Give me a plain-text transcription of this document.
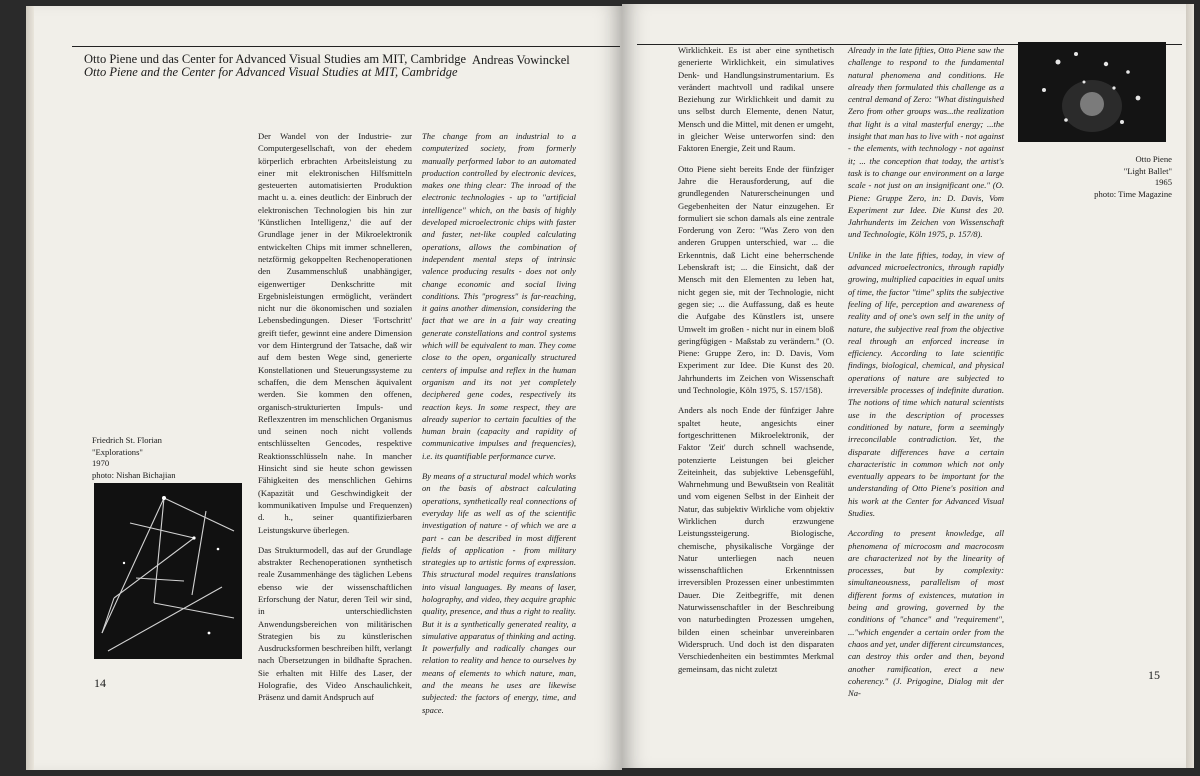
Otto Piene und das Center for Advanced Visual Studies am MIT, Cambridge
Otto Piene and the Center for Advanced Visual Studies at MIT, Cambridge
Andreas Vowinckel
Friedrich St. Florian
"Explorations"
1970
photo: Nishan Bichajian

Der Wandel von der Industrie- zur Computergesellschaft, von der ehedem körperlich erbrachten Arbeitsleistung zu einer mit elektronischen Hilfsmitteln gesteuerten automatisierten Produktion macht u. a. eines deutlich: der Einbruch der elektronischen Technologien bis hin zur 'Künstlichen Intelligenz,' die auf der Grundlage jener in der Mikroelektronik entwickelten Chips mit immer schnelleren, netzförmig gekoppelten Rechenoperationen den Zusammenschluß unabhängiger, eigenwertiger Denkschritte mit Ergebnisleistungen ermöglicht, verändert nicht nur die ökonomischen und sozialen Lebensbedingungen. Dieser 'Fortschritt' greift tiefer, gewinnt eine andere Dimension vor dem Hintergrund der Tatsache, daß wir auf dem besten Wege sind, generierte Konstellationen und Steuerungssysteme zu schaffen, die dem Menschen äquivalent werden. Sie kommen den offenen, organisch-strukturierten Impuls- und Reflexzentren im menschlichen Organismus und seinen noch nicht vollends entschlüsselten Gencodes, respektive Reaktionsschlüsseln nahe. In mancher Hinsicht sind sie heute schon gewissen Fähigkeiten des menschlichen Gehirns (Kapazität und Geschwindigkeit der kommunikativen Impulse und Frequenzen) d. h., seiner quantifizierbaren Leistungskurve überlegen.

Das Strukturmodell, das auf der Grundlage abstrakter Rechenoperationen synthetisch reale Zusammenhänge des täglichen Lebens ebenso wie der wissenschaftlichen Erforschung der Natur, deren Teil wir sind, in unterschiedlichsten Anwendungsbereichen von militärischen Strategien bis zu künstlerischen Ausdrucksformen beschreiben hilft, verlangt nach Übersetzungen in bildhafte Sprachen. Sie erhalten mit Hilfe des Laser, der Holografie, des Video Anschaulichkeit, Präsenz und damit Andspruch auf

The change from an industrial to a computerized society, from formerly manually performed labor to an automated production controlled by electronic devices, makes one thing clear: The inroad of the electronic technologies - up to "artificial intelligence" which, on the basis of highly developed microelectronic chips with faster and faster, net-like coupled calculating operations, allows the combination of independent mental steps of intrinsic valence producing results - does not only change economic and social living conditions. This "progress" is far-reaching, it gains another dimension, considering the fact that we are in a fair way creating generate constellations and control systems which will be equivalent to man. They come close to the open, organically structured centers of impulse and reflex in the human organism and its not yet completely deciphered gene codes, respectively its reaction keys. In some respect, they are already superior to certain faculties of the human brain (capacity and rapidity of communicative impulses and frequencies), i.e. its quantifiable performance curve.

By means of a structural model which works on the basis of abstract calculating operations, synthetically real connections of everyday life as well as of the scientific investigation of nature - of which we are a part - can be described in most different fields of application - from military strategies up to artistic forms of expression. This structural model requires translations into visual languages. By means of laser, holography, and video, they acquire graphic quality, presence, and thus a right to reality. But it is a synthetically generated reality, a simulative apparatus of thinking and acting. It powerfully and radically changes our relation to reality and hence to ourselves by means of elements to which nature, man, and the means he uses are likewise subjected: the factors of energy, time, and space.

14

Wirklichkeit. Es ist aber eine synthetisch generierte Wirklichkeit, ein simulatives Denk- und Handlungsinstrumentarium. Es verändert machtvoll und radikal unsere Beziehung zur Wirklichkeit und damit zu uns selbst durch Elemente, denen Natur, Mensch und die Mittel, mit denen er umgeht, in gleicher Weise unterworfen sind: den Faktoren Energie, Zeit und Raum.

Otto Piene sieht bereits Ende der fünfziger Jahre die Herausforderung, auf die grundlegenden Naturerscheinungen und Gegebenheiten der Natur einzugehen. Er formuliert sie schon damals als eine zentrale Forderung von Zero: "Was Zero von den anderen Gruppen unterschied, war ... die Erkenntnis, daß Licht eine beherrschende Lebenskraft ist; ... die Einsicht, daß der Mensch mit den Elementen zu leben hat, nicht gegen sie, mit der Technologie, nicht gegen sie; ... die Auffassung, daß es heute die Aufgabe des Künstlers ist, unsere Umwelt im großen - nicht nur in einem bloß geringfügigen - Maßstab zu verändern." (O. Piene: Gruppe Zero, in: D. Davis, Vom Experiment zur Idee. Die Kunst des 20. Jahrhunderts im Zeichen von Wissenschaft und Technologie, Köln 1975, S. 157/158).

Anders als noch Ende der fünfziger Jahre spaltet heute, angesichts einer fortgeschrittenen Mikroelektronik, der Faktor 'Zeit' durch schnell wachsende, potenzierte Leistungen bei gleicher Zeiteinheit, das subjektive Lebensgefühl, Wahrnehmung und Bewußtsein von Realität und vom eigenen Selbst in der Einheit der Natur, das subjektiv Wirkliche vom objektiv Wirklichen durch erzwungene Leistungssteigerung. Biologische, chemische, physikalische Vorgänge der Natur unterliegen nach neuen wissenschaftlichen Erkenntnissen irreversiblen Prozessen einer unbestimmten Dauer. Die Zeitbegriffe, mit denen Naturwissenschaftler in der Beschreibung von naturbedingten Prozessen umgehen, bilden einen scheinbar unvereinbaren Widerspruch. Und doch ist den disparaten Verschiedenheiten ein bestimmtes Merkmal gemeinsam, das nicht zuletzt

Already in the late fifties, Otto Piene saw the challenge to respond to the fundamental natural phenomena and conditions. He already then formulated this challenge as a central demand of Zero: "What distinguished Zero from other groups was...the realization that light is a vital masterful energy; ...the insight that man has to live with - not against - the elements, with technology - not against it; ... the conception that today, the artist's task is to change our environment on a large scale - not just on an insignificant one." (O. Piene: Gruppe Zero, in: D. Davis, Vom Experiment zur Idee. Die Kunst des 20. Jahrhunderts im Zeichen von Wissenschaft und Technologie, Köln 1975, p. 157/8).

Unlike in the late fifties, today, in view of advanced microelectronics, through rapidly growing, multiplied capacities in equal units of time, the factor "time" splits the subjective feeling of life, perception and awareness of reality and of one's own self in the unity of nature, the subjective real from the objective real through an enforced increase in efficiency. According to late scientific findings, biological, chemical, and physical operations of nature are subjected to irreversible processes of indefinite duration. The notions of time which natural scientists use in the description of processes conditioned by nature, form a seemingly irreconcilable contradiction. Yet, the disparate differences have a certain characteristic in common which not only eventually appears to be important for the understanding of Otto Piene's position and his work at the Center for Advanced Visual Studies.

According to present knowledge, all phenomena of microcosm and macrocosm are characterized not by the linearity of processes, but by complexity: simultaneousness, parallelism of most different forms of existences, mutation in being and growing, governed by the conditions of "chance" and "requirement", ..."which engender a certain order from the chaos and yet, under different circumstances, can destroy this order and then, beyond another ramification, erect a new coherency." (J. Prigogine, Dialog mit der Na-

Otto Piene
"Light Ballet"
1965
photo: Time Magazine
15
